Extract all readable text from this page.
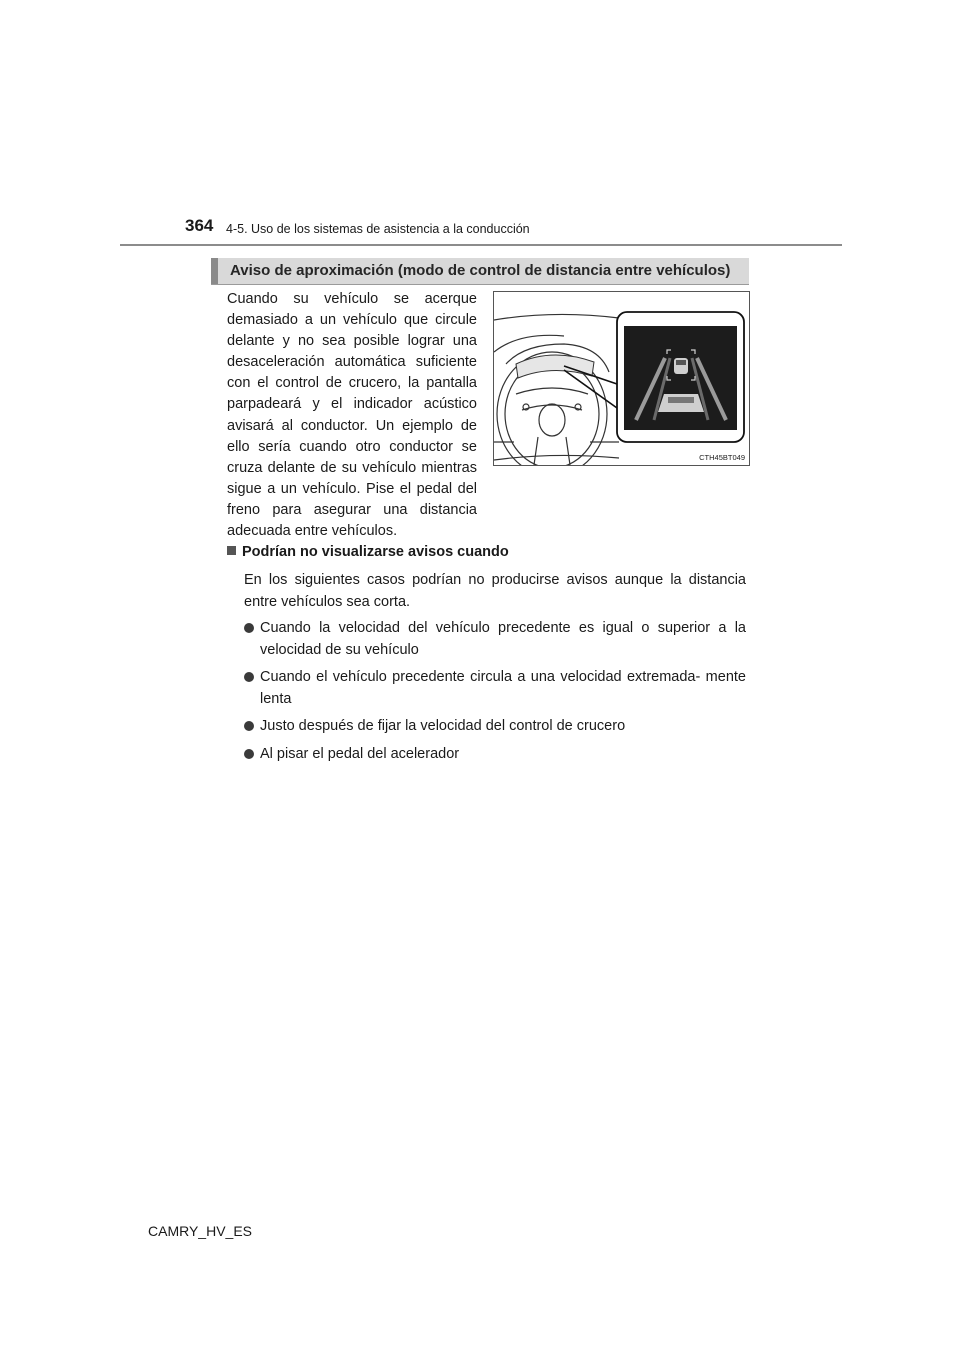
364 4-5. Uso de los sistemas de asistencia a la conducción
Aviso de aproximación (modo de control de distancia entre vehículos)

Cuando su vehículo se acerque demasiado a un vehículo que circule delante y no sea posible lograr una desaceleración automática suficiente con el control de crucero, la pantalla parpadeará y el indicador acústico avisará al conductor. Un ejemplo de ello sería cuando otro conductor se cruza delante de su vehículo mientras sigue a un vehículo. Pise el pedal del freno para asegurar una distancia adecuada entre vehículos.

CTH45BT049
Podrían no visualizarse avisos cuando

En los siguientes casos podrían no producirse avisos aunque la distancia entre vehículos sea corta.

Cuando la velocidad del vehículo precedente es igual o superior a la velocidad de su vehículo
Cuando el vehículo precedente circula a una velocidad extremada- mente lenta
Justo después de fijar la velocidad del control de crucero
Al pisar el pedal del acelerador
CAMRY_HV_ES
